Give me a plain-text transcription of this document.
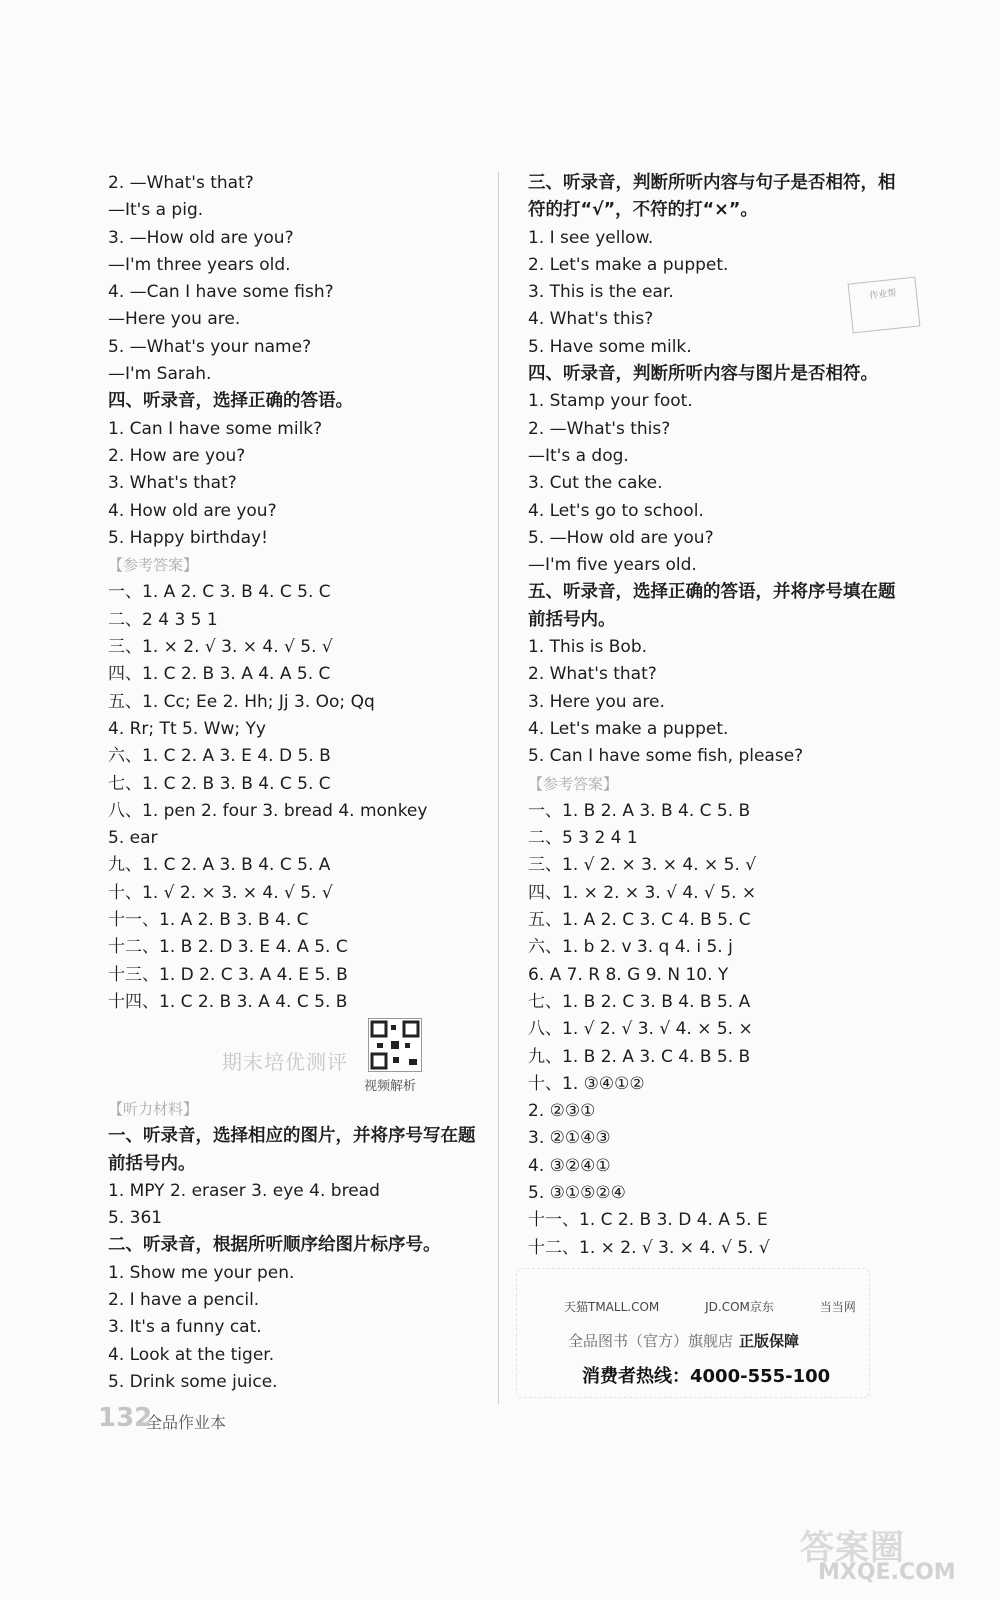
2. —What's that?
—It's a pig.
3. —How old are you?
—I'm three years old.
4. —Can I have some fish?
—Here you are.
5. —What's your name?
—I'm Sarah.
四、听录音，选择正确的答语。
1. Can I have some milk?
2. How are you?
3. What's that?
4. How old are you?
5. Happy birthday!
【参考答案】
一、1. A 2. C 3. B 4. C 5. C
二、2 4 3 5 1
三、1. × 2. √ 3. × 4. √ 5. √
四、1. C 2. B 3. A 4. A 5. C
五、1. Cc; Ee 2. Hh; Jj 3. Oo; Qq
4. Rr; Tt 5. Ww; Yy
六、1. C 2. A 3. E 4. D 5. B
七、1. C 2. B 3. B 4. C 5. C
八、1. pen 2. four 3. bread 4. monkey
5. ear
九、1. C 2. A 3. B 4. C 5. A
十、1. √ 2. × 3. × 4. √ 5. √
十一、1. A 2. B 3. B 4. C
十二、1. B 2. D 3. E 4. A 5. C
十三、1. D 2. C 3. A 4. E 5. B
十四、1. C 2. B 3. A 4. C 5. B
期末培优测评
视频解析
【听力材料】
一、听录音，选择相应的图片，并将序号写在题
前括号内。
1. MPY 2. eraser 3. eye 4. bread
5. 361
二、听录音，根据所听顺序给图片标序号。
1. Show me your pen.
2. I have a pencil.
3. It's a funny cat.
4. Look at the tiger.
5. Drink some juice.
三、听录音，判断所听内容与句子是否相符，相
符的打“√”，不符的打“×”。
1. I see yellow.
2. Let's make a puppet.
3. This is the ear.
4. What's this?
5. Have some milk.
四、听录音，判断所听内容与图片是否相符。
1. Stamp your foot.
2. —What's this?
—It's a dog.
3. Cut the cake.
4. Let's go to school.
5. —How old are you?
—I'm five years old.
五、听录音，选择正确的答语，并将序号填在题
前括号内。
1. This is Bob.
2. What's that?
3. Here you are.
4. Let's make a puppet.
5. Can I have some fish, please?
【参考答案】
一、1. B 2. A 3. B 4. C 5. B
二、5 3 2 4 1
三、1. √ 2. × 3. × 4. × 5. √
四、1. × 2. × 3. √ 4. √ 5. ×
五、1. A 2. C 3. C 4. B 5. C
六、1. b 2. v 3. q 4. i 5. j
6. A 7. R 8. G 9. N 10. Y
七、1. B 2. C 3. B 4. B 5. A
八、1. √ 2. √ 3. √ 4. × 5. ×
九、1. B 2. A 3. C 4. B 5. B
十、1. ③④①②
2. ②③①
3. ②①④③
4. ③②④①
5. ③①⑤②④
十一、1. C 2. B 3. D 4. A 5. E
十二、1. × 2. √ 3. × 4. √ 5. √
作业帮
天猫TMALL.COM	JD.COM京东	当当网
全品图书（官方）旗舰店 正版保障
消费者热线：4000-555-100
132
全品作业本
答案圈
MXQE.COM
